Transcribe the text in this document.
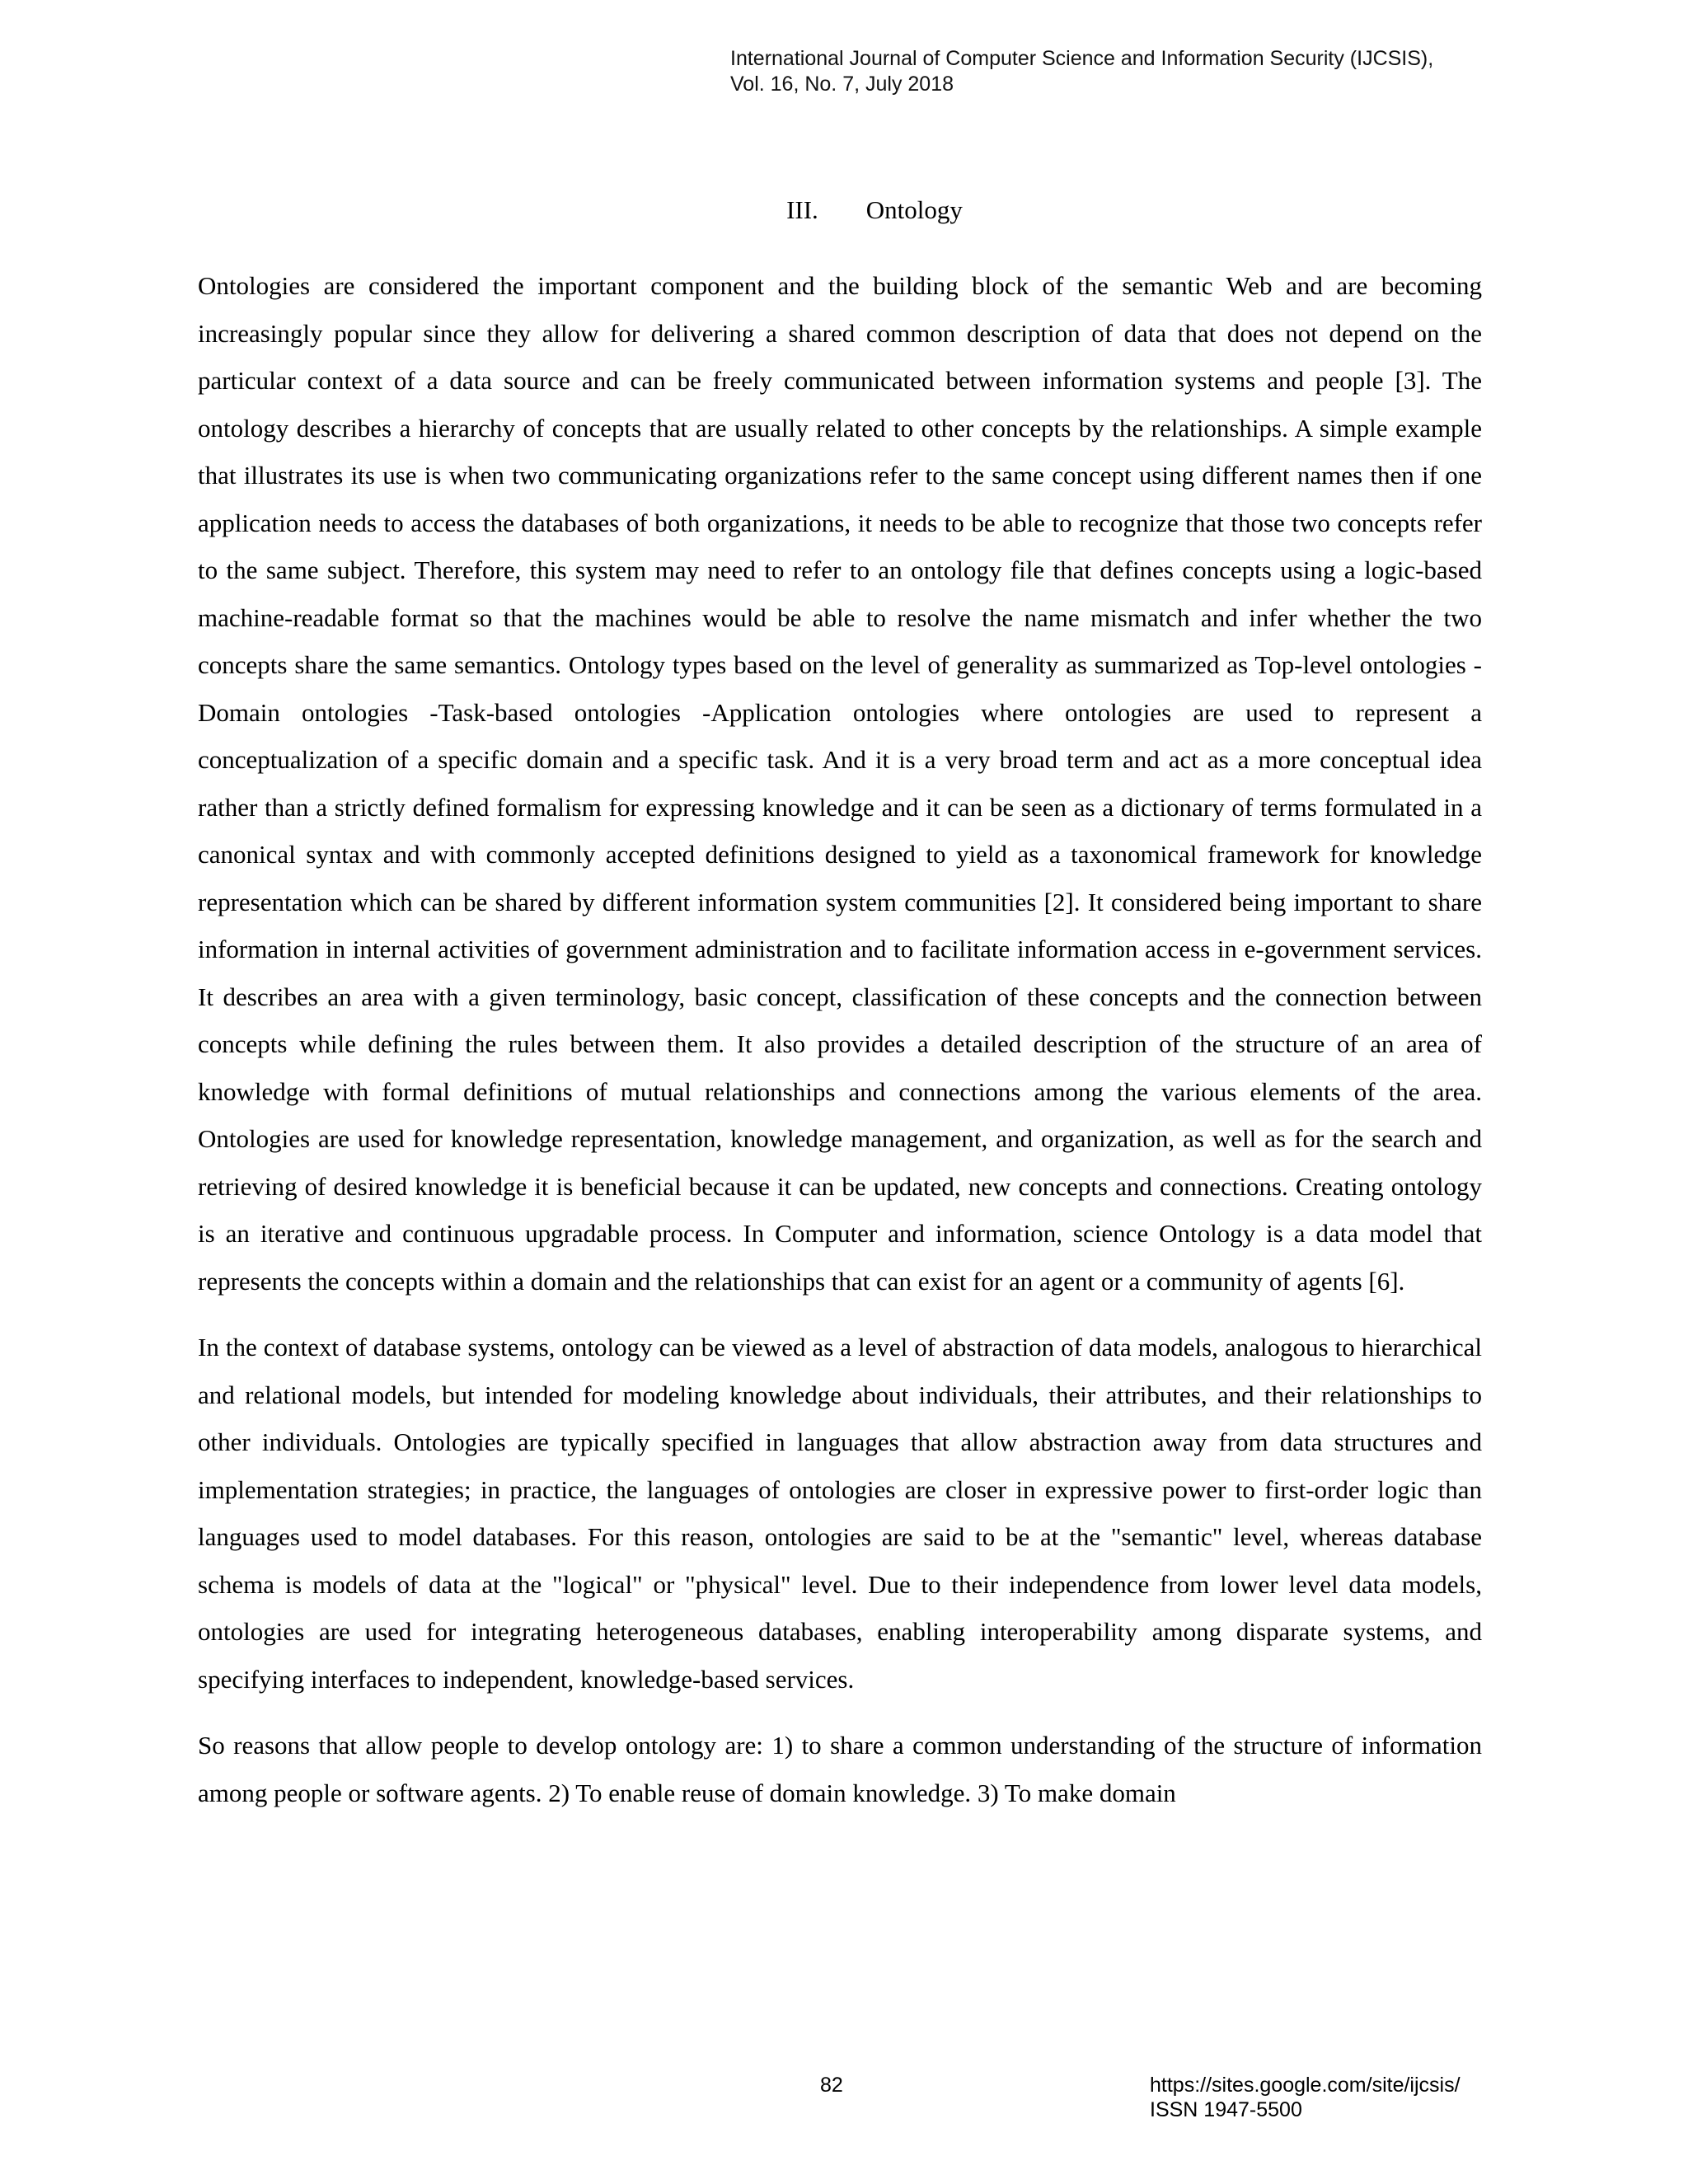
International Journal of Computer Science and Information Security (IJCSIS),
Vol. 16, No. 7, July 2018
III. Ontology

Ontologies are considered the important component and the building block of the semantic Web and are becoming increasingly popular since they allow for delivering a shared common description of data that does not depend on the particular context of a data source and can be freely communicated between information systems and people [3]. The ontology describes a hierarchy of concepts that are usually related to other concepts by the relationships. A simple example that illustrates its use is when two communicating organizations refer to the same concept using different names then if one application needs to access the databases of both organizations, it needs to be able to recognize that those two concepts refer to the same subject. Therefore, this system may need to refer to an ontology file that defines concepts using a logic-based machine-readable format so that the machines would be able to resolve the name mismatch and infer whether the two concepts share the same semantics. Ontology types based on the level of generality as summarized as Top-level ontologies -Domain ontologies -Task-based ontologies -Application ontologies where ontologies are used to represent a conceptualization of a specific domain and a specific task. And it is a very broad term and act as a more conceptual idea rather than a strictly defined formalism for expressing knowledge and it can be seen as a dictionary of terms formulated in a canonical syntax and with commonly accepted definitions designed to yield as a taxonomical framework for knowledge representation which can be shared by different information system communities [2]. It considered being important to share information in internal activities of government administration and to facilitate information access in e-government services. It describes an area with a given terminology, basic concept, classification of these concepts and the connection between concepts while defining the rules between them. It also provides a detailed description of the structure of an area of knowledge with formal definitions of mutual relationships and connections among the various elements of the area. Ontologies are used for knowledge representation, knowledge management, and organization, as well as for the search and retrieving of desired knowledge it is beneficial because it can be updated, new concepts and connections. Creating ontology is an iterative and continuous upgradable process. In Computer and information, science Ontology is a data model that represents the concepts within a domain and the relationships that can exist for an agent or a community of agents [6].

In the context of database systems, ontology can be viewed as a level of abstraction of data models, analogous to hierarchical and relational models, but intended for modeling knowledge about individuals, their attributes, and their relationships to other individuals. Ontologies are typically specified in languages that allow abstraction away from data structures and implementation strategies; in practice, the languages of ontologies are closer in expressive power to first-order logic than languages used to model databases. For this reason, ontologies are said to be at the "semantic" level, whereas database schema is models of data at the "logical" or "physical" level. Due to their independence from lower level data models, ontologies are used for integrating heterogeneous databases, enabling interoperability among disparate systems, and specifying interfaces to independent, knowledge-based services.

So reasons that allow people to develop ontology are: 1) to share a common understanding of the structure of information among people or software agents. 2) To enable reuse of domain knowledge. 3) To make domain

82	https://sites.google.com/site/ijcsis/
ISSN 1947-5500
